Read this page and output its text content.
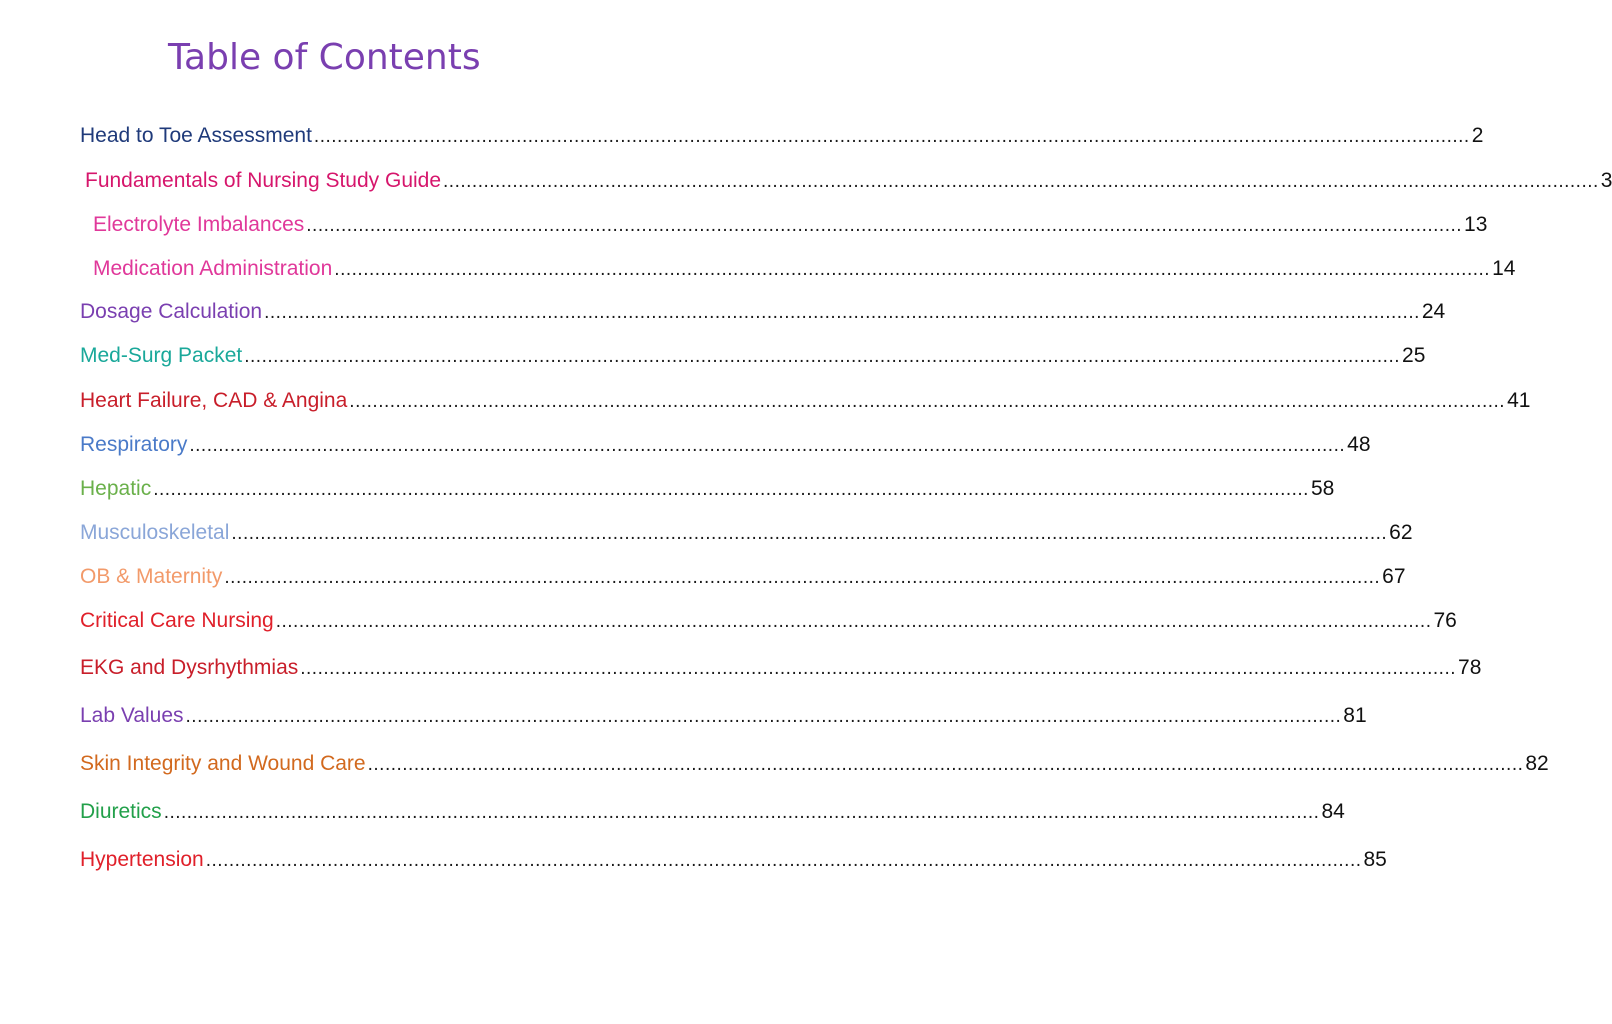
Table of Contents
Head to Toe Assessment ........................................................................................................................................................................................................ 2
Fundamentals of Nursing Study Guide ........................................................................................................................................................................................................ 3
Electrolyte Imbalances ........................................................................................................................................................................................................ 13
Medication Administration ........................................................................................................................................................................................................ 14
Dosage Calculation ........................................................................................................................................................................................................ 24
Med-Surg Packet ........................................................................................................................................................................................................ 25
Heart Failure, CAD & Angina ........................................................................................................................................................................................................ 41
Respiratory ........................................................................................................................................................................................................ 48
Hepatic ........................................................................................................................................................................................................ 58
Musculoskeletal ........................................................................................................................................................................................................ 62
OB & Maternity ........................................................................................................................................................................................................ 67
Critical Care Nursing ........................................................................................................................................................................................................ 76
EKG and Dysrhythmias ........................................................................................................................................................................................................ 78
Lab Values ........................................................................................................................................................................................................ 81
Skin Integrity and Wound Care ........................................................................................................................................................................................................ 82
Diuretics ........................................................................................................................................................................................................ 84
Hypertension ........................................................................................................................................................................................................ 85
